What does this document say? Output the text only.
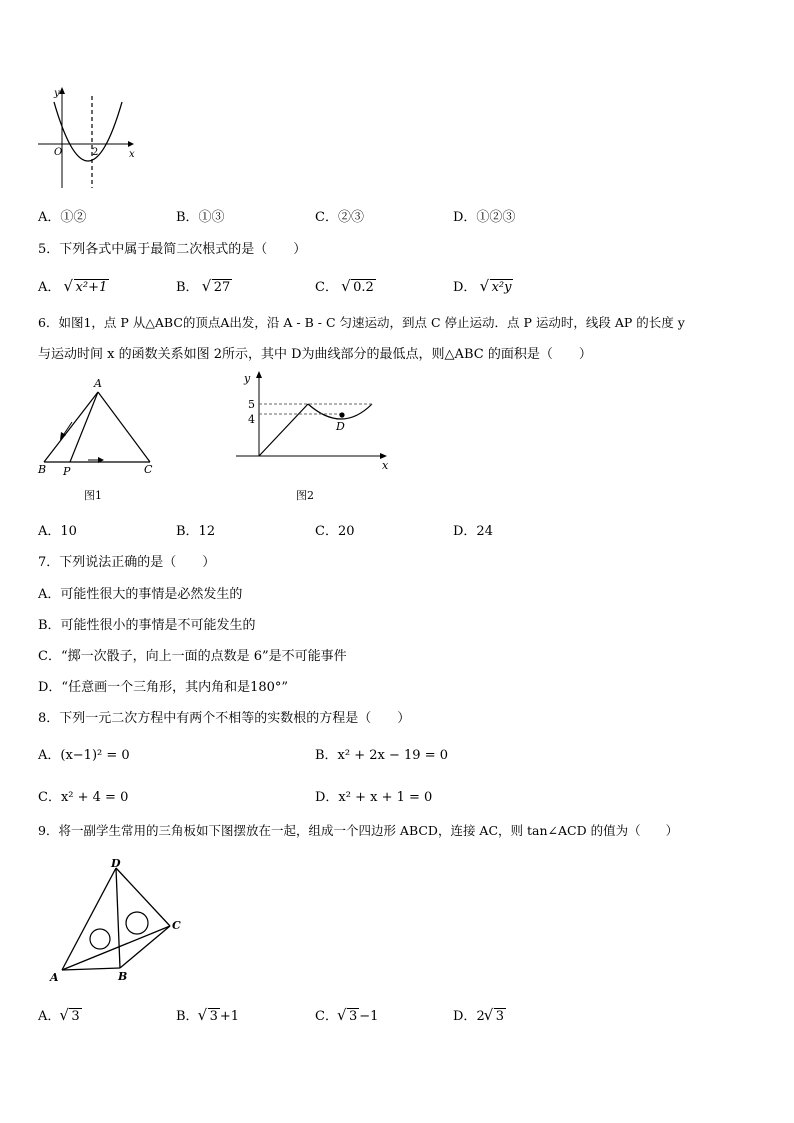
y
x
O	2
A．①②	B．①③	C．②③	D．①②③
5．下列各式中属于最简二次根式的是（　　）
A． √ x²+1	B． √ 27	C． √ 0.2	D． √ x²y
6．如图1，点 P 从△ABC的顶点A出发，沿 A - B - C 匀速运动，到点 C 停止运动．点 P 运动时，线段 AP 的长度 y
与运动时间 x 的函数关系如图 2所示，其中 D为曲线部分的最低点，则△ABC 的面积是（　　）
A
B	C
P
图1
y
x
5
4
D
图2
A．10	B．12	C．20	D．24
7．下列说法正确的是（　　）
A．可能性很大的事情是必然发生的
B．可能性很小的事情是不可能发生的
C．“掷一次骰子，向上一面的点数是 6”是不可能事件
D．“任意画一个三角形，其内角和是180°”
8．下列一元二次方程中有两个不相等的实数根的方程是（　　）
A．(x−1)² = 0	B．x² + 2x − 19 = 0
C．x² + 4 = 0	D．x² + x + 1 = 0
9．将一副学生常用的三角板如下图摆放在一起，组成一个四边形 ABCD，连接 AC，则 tan∠ACD 的值为（　　）
D
C
A	B
A． √ 3	B． √ 3 +1	C． √ 3 −1	D．2 √ 3
